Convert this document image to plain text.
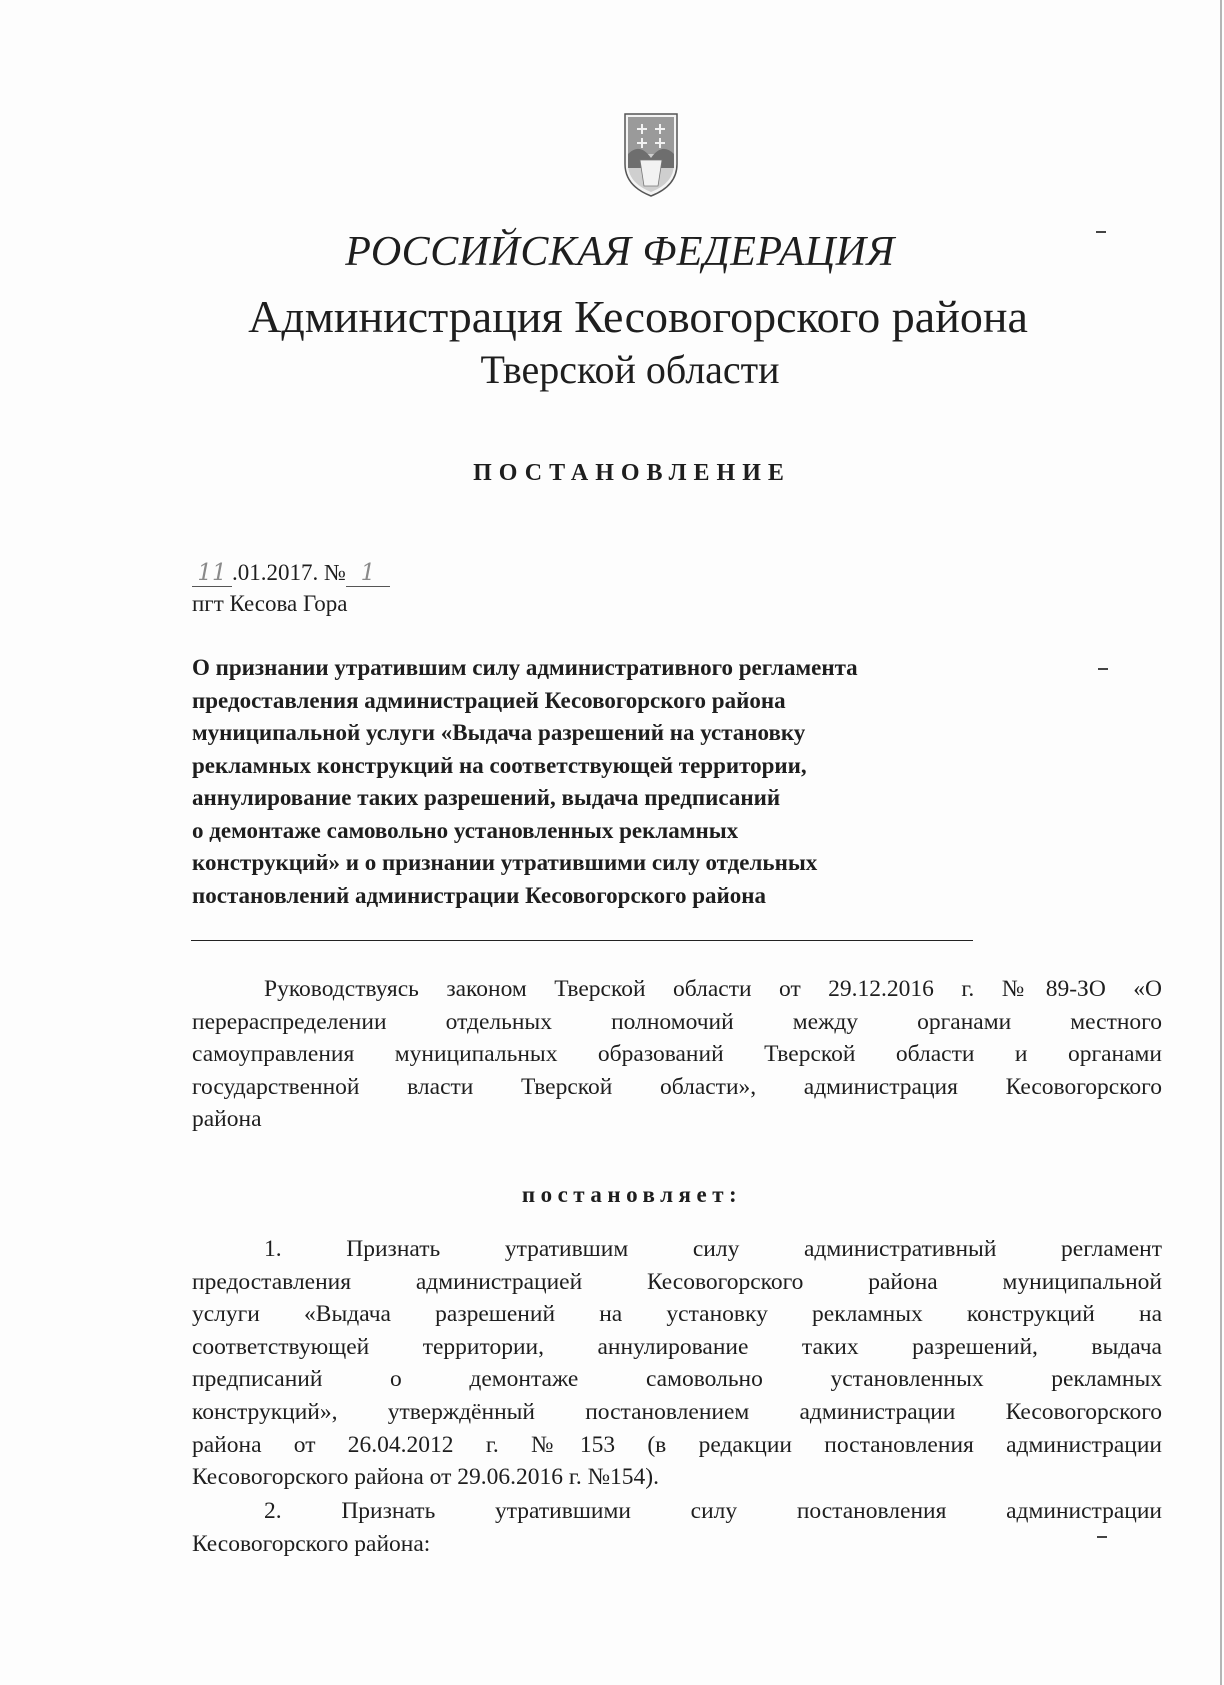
РОССИЙСКАЯ ФЕДЕРАЦИЯ
Администрация Кесовогорского района
Тверской области
ПОСТАНОВЛЕНИЕ
11 .01.2017. № 1
пгт Кесова Гора
О признании утратившим силу административного регламента
предоставления администрацией Кесовогорского района
муниципальной услуги «Выдача разрешений на установку
рекламных конструкций на соответствующей территории,
аннулирование таких разрешений, выдача предписаний
о демонтаже самовольно установленных рекламных
конструкций» и о признании утратившими силу отдельных
постановлений администрации Кесовогорского района
Руководствуясь законом Тверской области от 29.12.2016 г. №89-ЗО «О
перераспределении отдельных полномочий между органами местного
самоуправления муниципальных образований Тверской области и органами
государственной власти Тверской области», администрация Кесовогорского
района
постановляет:
1. Признать утратившим силу административный регламент
предоставления администрацией Кесовогорского района муниципальной
услуги «Выдача разрешений на установку рекламных конструкций на
соответствующей территории, аннулирование таких разрешений, выдача
предписаний о демонтаже самовольно установленных рекламных
конструкций», утверждённый постановлением администрации Кесовогорского
района от 26.04.2012 г. №153 (в редакции постановления администрации
Кесовогорского района от 29.06.2016 г. №154).
2. Признать утратившими силу постановления администрации
Кесовогорского района:
